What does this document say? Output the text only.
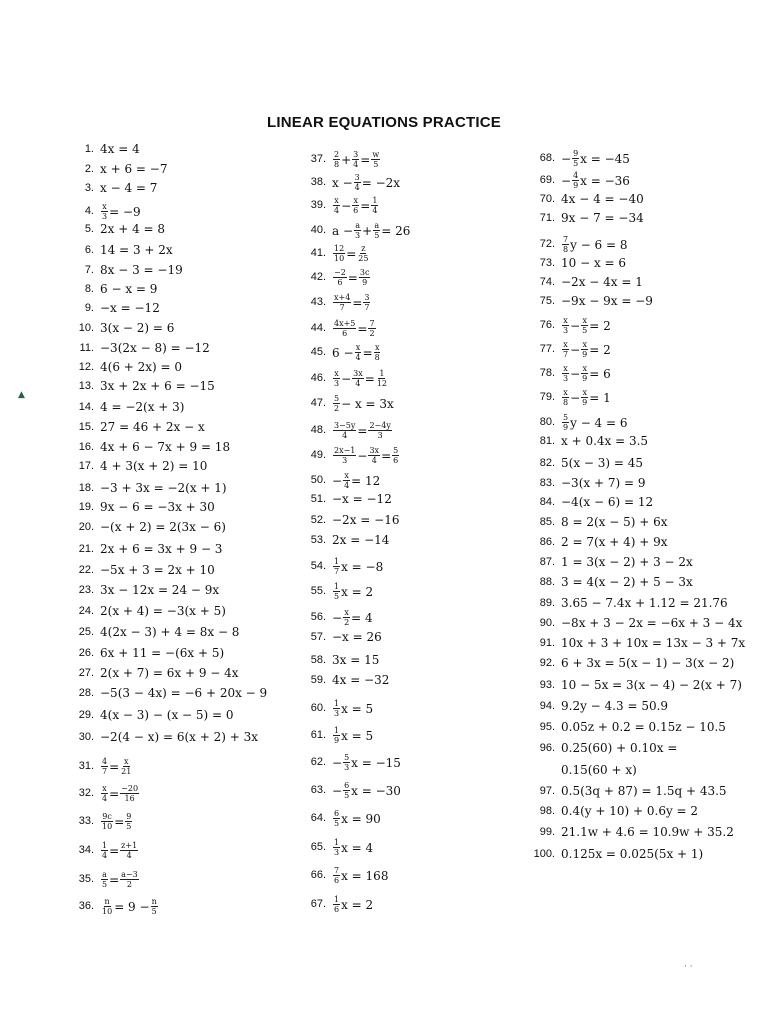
LINEAR EQUATIONS PRACTICE
1. 4x = 4
2. x + 6 = −7
3. x − 4 = 7
4. x
3 = −9
5. 2x + 4 = 8
6. 14 = 3 + 2x
7. 8x − 3 = −19
8. 6 − x = 9
9. −x = −12
10. 3(x − 2) = 6
11. −3(2x − 8) = −12
12. 4(6 + 2x) = 0
13. 3x + 2x + 6 = −15
14. 4 = −2(x + 3)
15. 27 = 46 + 2x − x
16. 4x + 6 − 7x + 9 = 18
17. 4 + 3(x + 2) = 10
18. −3 + 3x = −2(x + 1)
19. 9x − 6 = −3x + 30
20. −(x + 2) = 2(3x − 6)
21. 2x + 6 = 3x + 9 − 3
22. −5x + 3 = 2x + 10
23. 3x − 12x = 24 − 9x
24. 2(x + 4) = −3(x + 5)
25. 4(2x − 3) + 4 = 8x − 8
26. 6x + 11 = −(6x + 5)
27. 2(x + 7) = 6x + 9 − 4x
28. −5(3 − 4x) = −6 + 20x − 9
29. 4(x − 3) − (x − 5) = 0
30. −2(4 − x) = 6(x + 2) + 3x
31. 4
7 = x
21
32. x
4 = −20
16
33. 9c
10 = 9
5
34. 1
4 = z+1
4
35. a
5 = a−3
2
36. n
10 = 9 − n
5
37. 2
8 + 3
4 = w
5
38. x − 3
4 = −2x
39. x
4 − x
6 = 1
4
40. a − a
3 + a
5 = 26
41. 12
10 = z
25
42. −2
6 = 3c
9
43. x+4
7 = 3
7
44. 4x+5
6 = 7
2
45. 6 − x
4 = x
8
46. x
3 − 3x
4 = 1
12
47. 5
2 − x = 3x
48. 3−5y
4 = 2−4y
3
49. 2x−1
3 − 3x
4 = 5
6
50. − x
4 = 12
51. −x = −12
52. −2x = −16
53. 2x = −14
54. 1
7 x = −8
55. 1
5 x = 2
56. − x
2 = 4
57. −x = 26
58. 3x = 15
59. 4x = −32
60. 1
3 x = 5
61. 1
9 x = 5
62. − 5
3 x = −15
63. − 6
5 x = −30
64. 6
5 x = 90
65. 1
3 x = 4
66. 7
6 x = 168
67. 1
6 x = 2
68. − 9
5 x = −45
69. − 4
9 x = −36
70. 4x − 4 = −40
71. 9x − 7 = −34
72. 7
8 y − 6 = 8
73. 10 − x = 6
74. −2x − 4x = 1
75. −9x − 9x = −9
76. x
3 − x
5 = 2
77. x
7 − x
9 = 2
78. x
3 − x
9 = 6
79. x
8 − x
9 = 1
80. 5
9 y − 4 = 6
81. x + 0.4x = 3.5
82. 5(x − 3) = 45
83. −3(x + 7) = 9
84. −4(x − 6) = 12
85. 8 = 2(x − 5) + 6x
86. 2 = 7(x + 4) + 9x
87. 1 = 3(x − 2) + 3 − 2x
88. 3 = 4(x − 2) + 5 − 3x
89. 3.65 − 7.4x + 1.12 = 21.76
90. −8x + 3 − 2x = −6x + 3 − 4x
91. 10x + 3 + 10x = 13x − 3 + 7x
92. 6 + 3x = 5(x − 1) − 3(x − 2)
93. 10 − 5x = 3(x − 4) − 2(x + 7)
94. 9.2y − 4.3 = 50.9
95. 0.05z + 0.2 = 0.15z − 10.5
96. 0.25(60) + 0.10x =
0.15(60 + x)
97. 0.5(3q + 87) = 1.5q + 43.5
98. 0.4(y + 10) + 0.6y = 2
99. 21.1w + 4.6 = 10.9w + 35.2
100. 0.125x = 0.025(5x + 1)
▲
· ·
